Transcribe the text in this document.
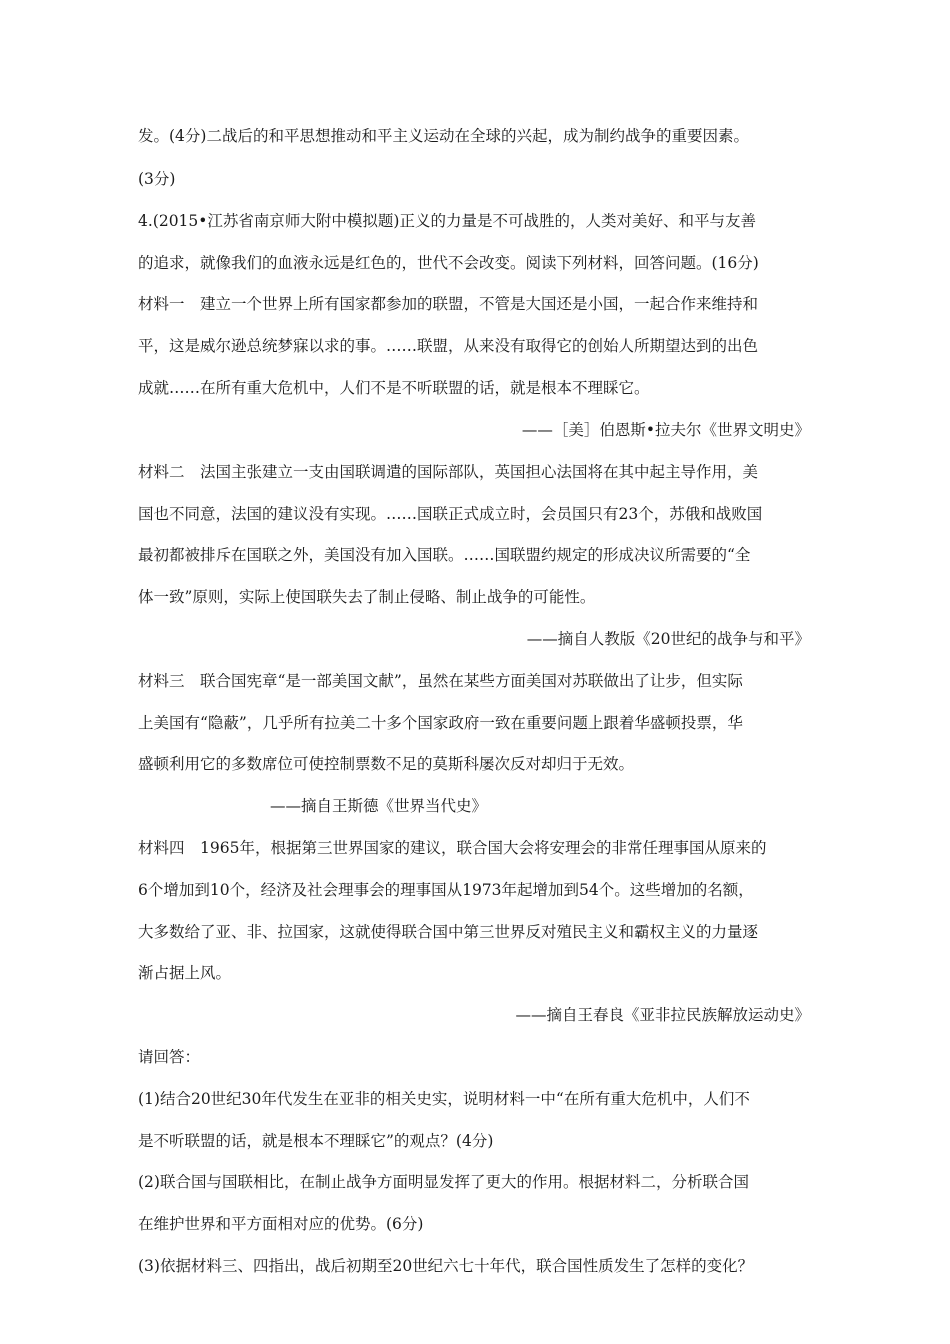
发。(4分)二战后的和平思想推动和平主义运动在全球的兴起，成为制约战争的重要因素。
(3分)
4.(2015•江苏省南京师大附中模拟题)正义的力量是不可战胜的，人类对美好、和平与友善
的追求，就像我们的血液永远是红色的，世代不会改变。阅读下列材料，回答问题。(16分)
材料一　建立一个世界上所有国家都参加的联盟，不管是大国还是小国，一起合作来维持和
平，这是威尔逊总统梦寐以求的事。……联盟，从来没有取得它的创始人所期望达到的出色
成就……在所有重大危机中，人们不是不听联盟的话，就是根本不理睬它。
——［美］伯恩斯•拉夫尔《世界文明史》
材料二　法国主张建立一支由国联调遣的国际部队，英国担心法国将在其中起主导作用，美
国也不同意，法国的建议没有实现。……国联正式成立时，会员国只有23个，苏俄和战败国
最初都被排斥在国联之外，美国没有加入国联。……国联盟约规定的形成决议所需要的“全
体一致”原则，实际上使国联失去了制止侵略、制止战争的可能性。
——摘自人教版《20世纪的战争与和平》
材料三　联合国宪章“是一部美国文献”，虽然在某些方面美国对苏联做出了让步，但实际
上美国有“隐蔽”，几乎所有拉美二十多个国家政府一致在重要问题上跟着华盛顿投票，华
盛顿利用它的多数席位可使控制票数不足的莫斯科屡次反对却归于无效。
——摘自王斯德《世界当代史》
材料四　1965年，根据第三世界国家的建议，联合国大会将安理会的非常任理事国从原来的
6个增加到10个，经济及社会理事会的理事国从1973年起增加到54个。这些增加的名额，
大多数给了亚、非、拉国家，这就使得联合国中第三世界反对殖民主义和霸权主义的力量逐
渐占据上风。
——摘自王春良《亚非拉民族解放运动史》
请回答：
(1)结合20世纪30年代发生在亚非的相关史实，说明材料一中“在所有重大危机中，人们不
是不听联盟的话，就是根本不理睬它”的观点？(4分)
(2)联合国与国联相比，在制止战争方面明显发挥了更大的作用。根据材料二，分析联合国
在维护世界和平方面相对应的优势。(6分)
(3)依据材料三、四指出，战后初期至20世纪六七十年代，联合国性质发生了怎样的变化？
